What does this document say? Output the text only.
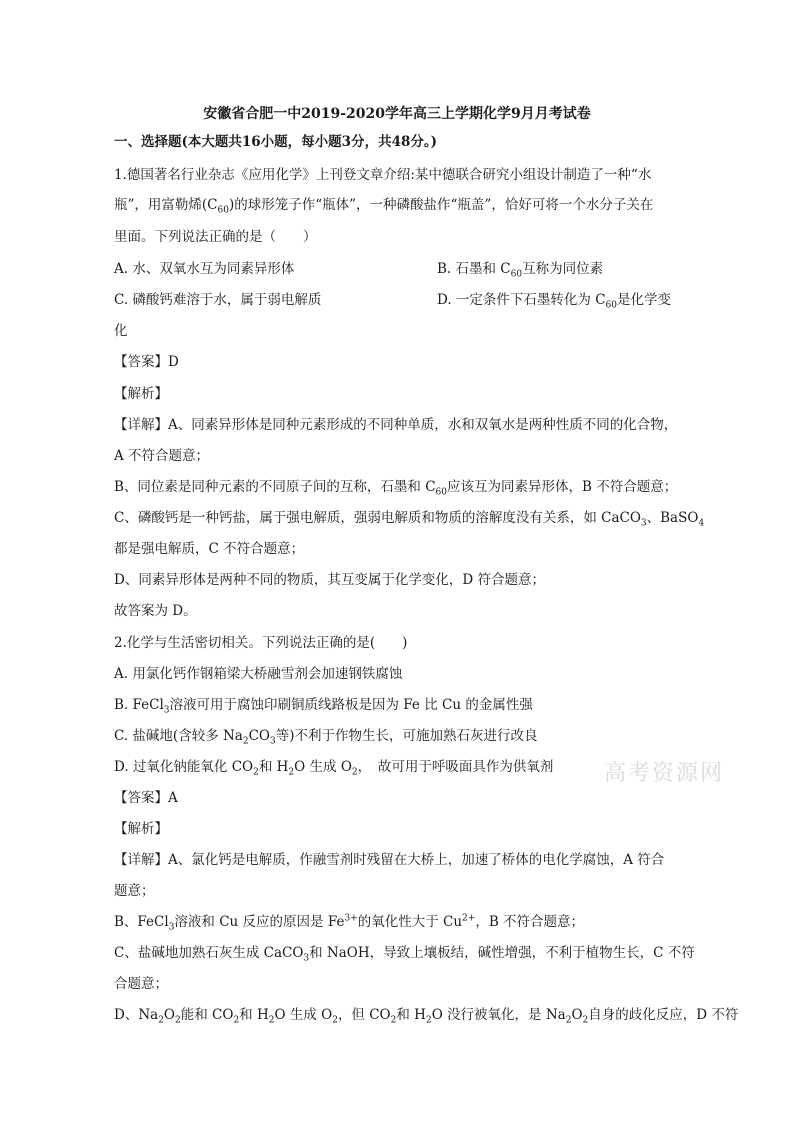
安徽省合肥一中2019-2020学年高三上学期化学9月月考试卷
一、选择题(本大题共16小题，每小题3分，共48分。)
1.德国著名行业杂志《应用化学》上刊登文章介绍:某中德联合研究小组设计制造了一种“水
瓶”，用富勒烯$(C_{60})$的球形笼子作“瓶体”，一种磷酸盐作“瓶盖”，恰好可将一个水分子关在
里面。下列说法正确的是（　　）
A. 水、双氧水互为同素异形体	B. 石墨和 $C_{60}$互称为同位素
C. 磷酸钙难溶于水，属于弱电解质	D. 一定条件下石墨转化为 $C_{60}$是化学变
化
【答案】D
【解析】
【详解】A、同素异形体是同种元素形成的不同种单质，水和双氧水是两种性质不同的化合物，
A 不符合题意；
B、同位素是同种元素的不同原子间的互称，石墨和 $C_{60}$应该互为同素异形体，B 不符合题意；
C、磷酸钙是一种钙盐，属于强电解质，强弱电解质和物质的溶解度没有关系，如 CaCO$_3$、BaSO$_4$
都是强电解质，C 不符合题意；
D、同素异形体是两种不同的物质，其互变属于化学变化，D 符合题意；
故答案为 D。
2.化学与生活密切相关。下列说法正确的是(　　)
A. 用氯化钙作钢箱梁大桥融雪剂会加速钢铁腐蚀
B. FeCl$_3$溶液可用于腐蚀印刷铜质线路板是因为 Fe 比 Cu 的金属性强
C. 盐碱地(含较多 $Na_2CO_3$等)不利于作物生长，可施加熟石灰进行改良
D. 过氧化钠能氧化 $CO_2$和 $H_2O$ 生成 $O_2$，　故可用于呼吸面具作为供氧剂 高考资源网
【答案】A
【解析】
【详解】A、氯化钙是电解质，作融雪剂时残留在大桥上，加速了桥体的电化学腐蚀，A 符合
题意；
B、FeCl$_3$溶液和 Cu 反应的原因是 $Fe^{3+}$的氧化性大于 $Cu^{2+}$，B 不符合题意；
C、盐碱地加熟石灰生成 CaCO$_3$和 NaOH，导致上壤板结，碱性增强，不利于植物生长，C 不符
合题意；
D、$Na_2O_2$能和 $CO_2$和 $H_2O$ 生成 $O_2$，但 $CO_2$和 $H_2O$ 没行被氧化，是 $Na_2O_2$自身的歧化反应，D 不符
